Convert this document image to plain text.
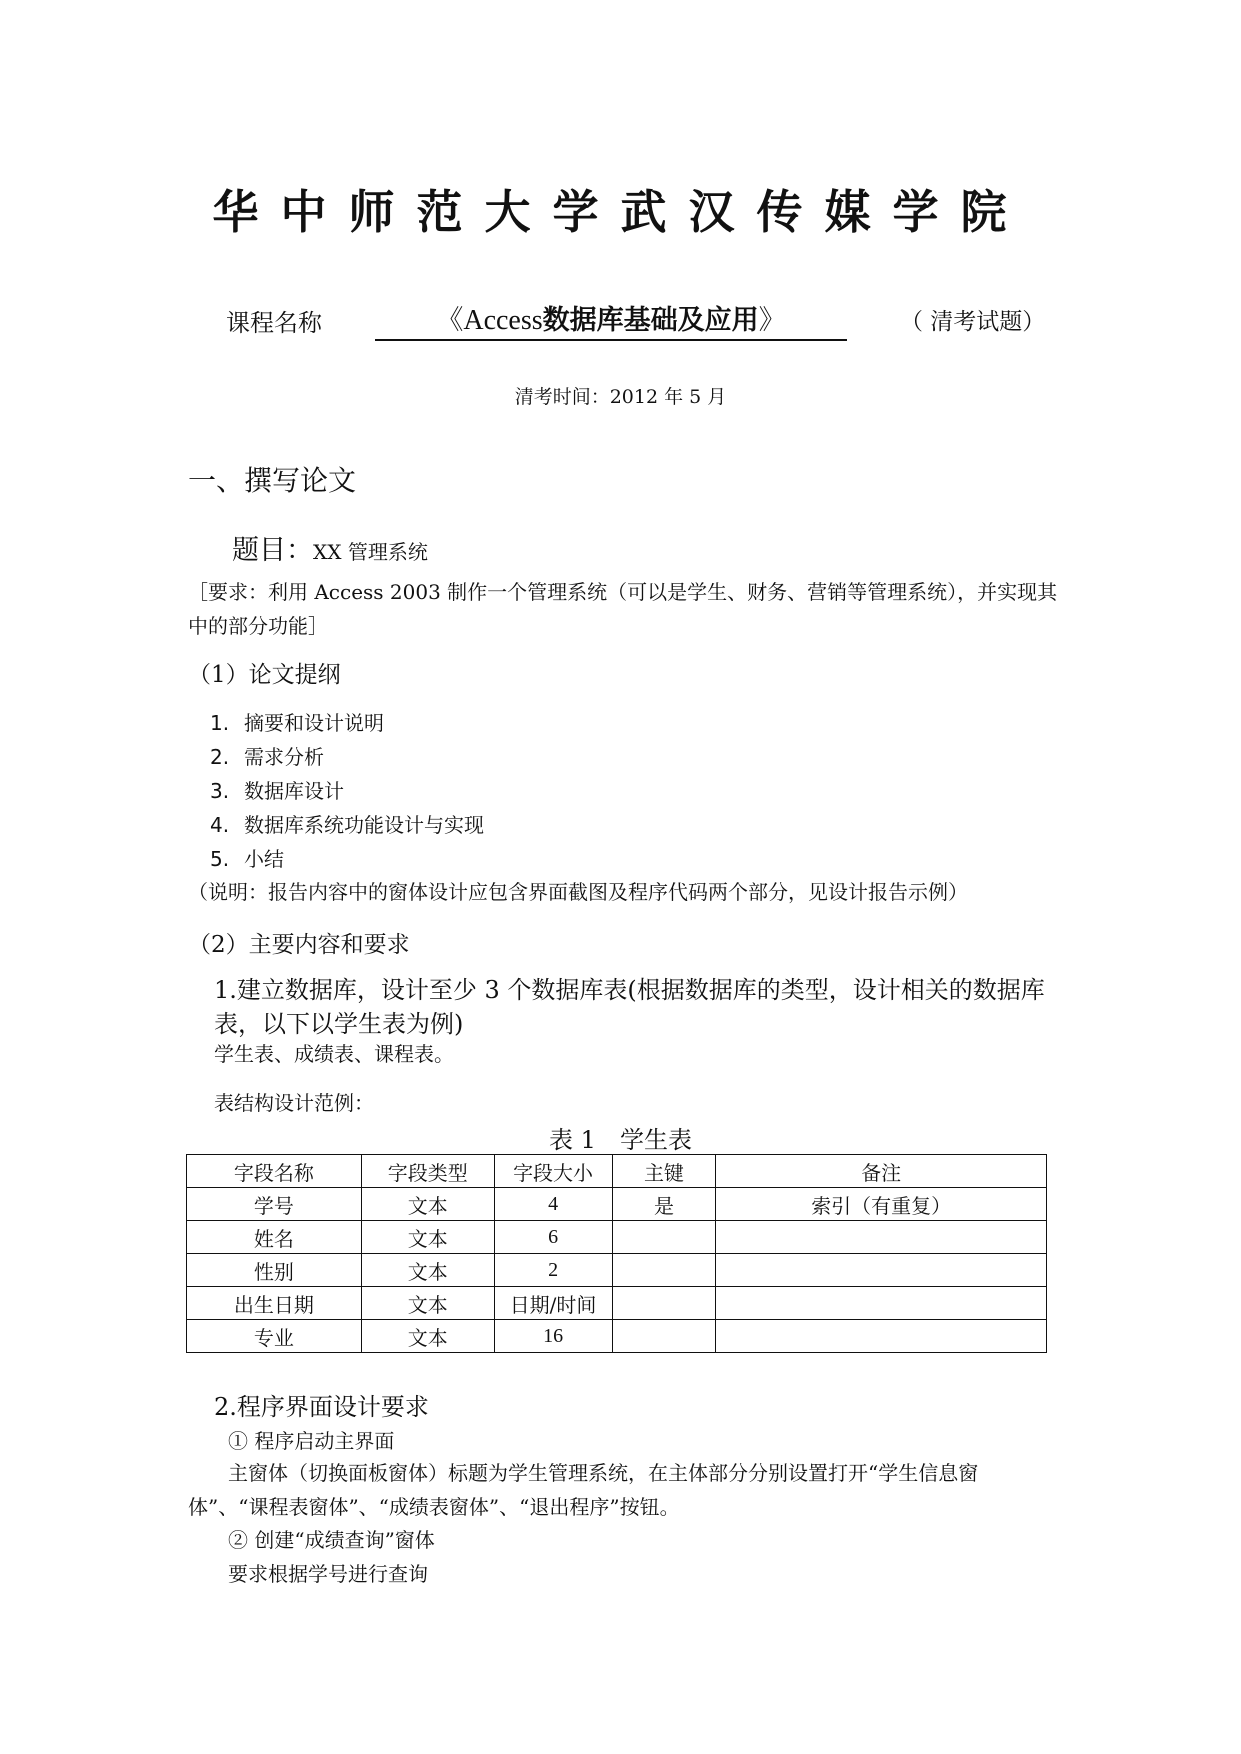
华中师范大学武汉传媒学院
课程名称	《Access数据库基础及应用》	（ 清考试题）
清考时间：2012 年 5 月
一、撰写论文
题目：XX 管理系统
［要求：利用 Access 2003 制作一个管理系统（可以是学生、财务、营销等管理系统），并实现其中的部分功能］
（1）论文提纲
1. 摘要和设计说明
2. 需求分析
3. 数据库设计
4. 数据库系统功能设计与实现
5. 小结
（说明：报告内容中的窗体设计应包含界面截图及程序代码两个部分，见设计报告示例）
（2）主要内容和要求
1.建立数据库，设计至少 3 个数据库表(根据数据库的类型，设计相关的数据库表，以下以学生表为例)
学生表、成绩表、课程表。
表结构设计范例：
表 1　学生表
字段名称	字段类型	字段大小	主键	备注
学号	文本	4	是	索引（有重复）
姓名	文本	6		
性别	文本	2		
出生日期	文本	日期/时间		
专业	文本	16		
2.程序界面设计要求
① 程序启动主界面
主窗体（切换面板窗体）标题为学生管理系统，在主体部分分别设置打开“学生信息窗体”、“课程表窗体”、“成绩表窗体”、“退出程序”按钮。
② 创建“成绩查询”窗体
要求根据学号进行查询
